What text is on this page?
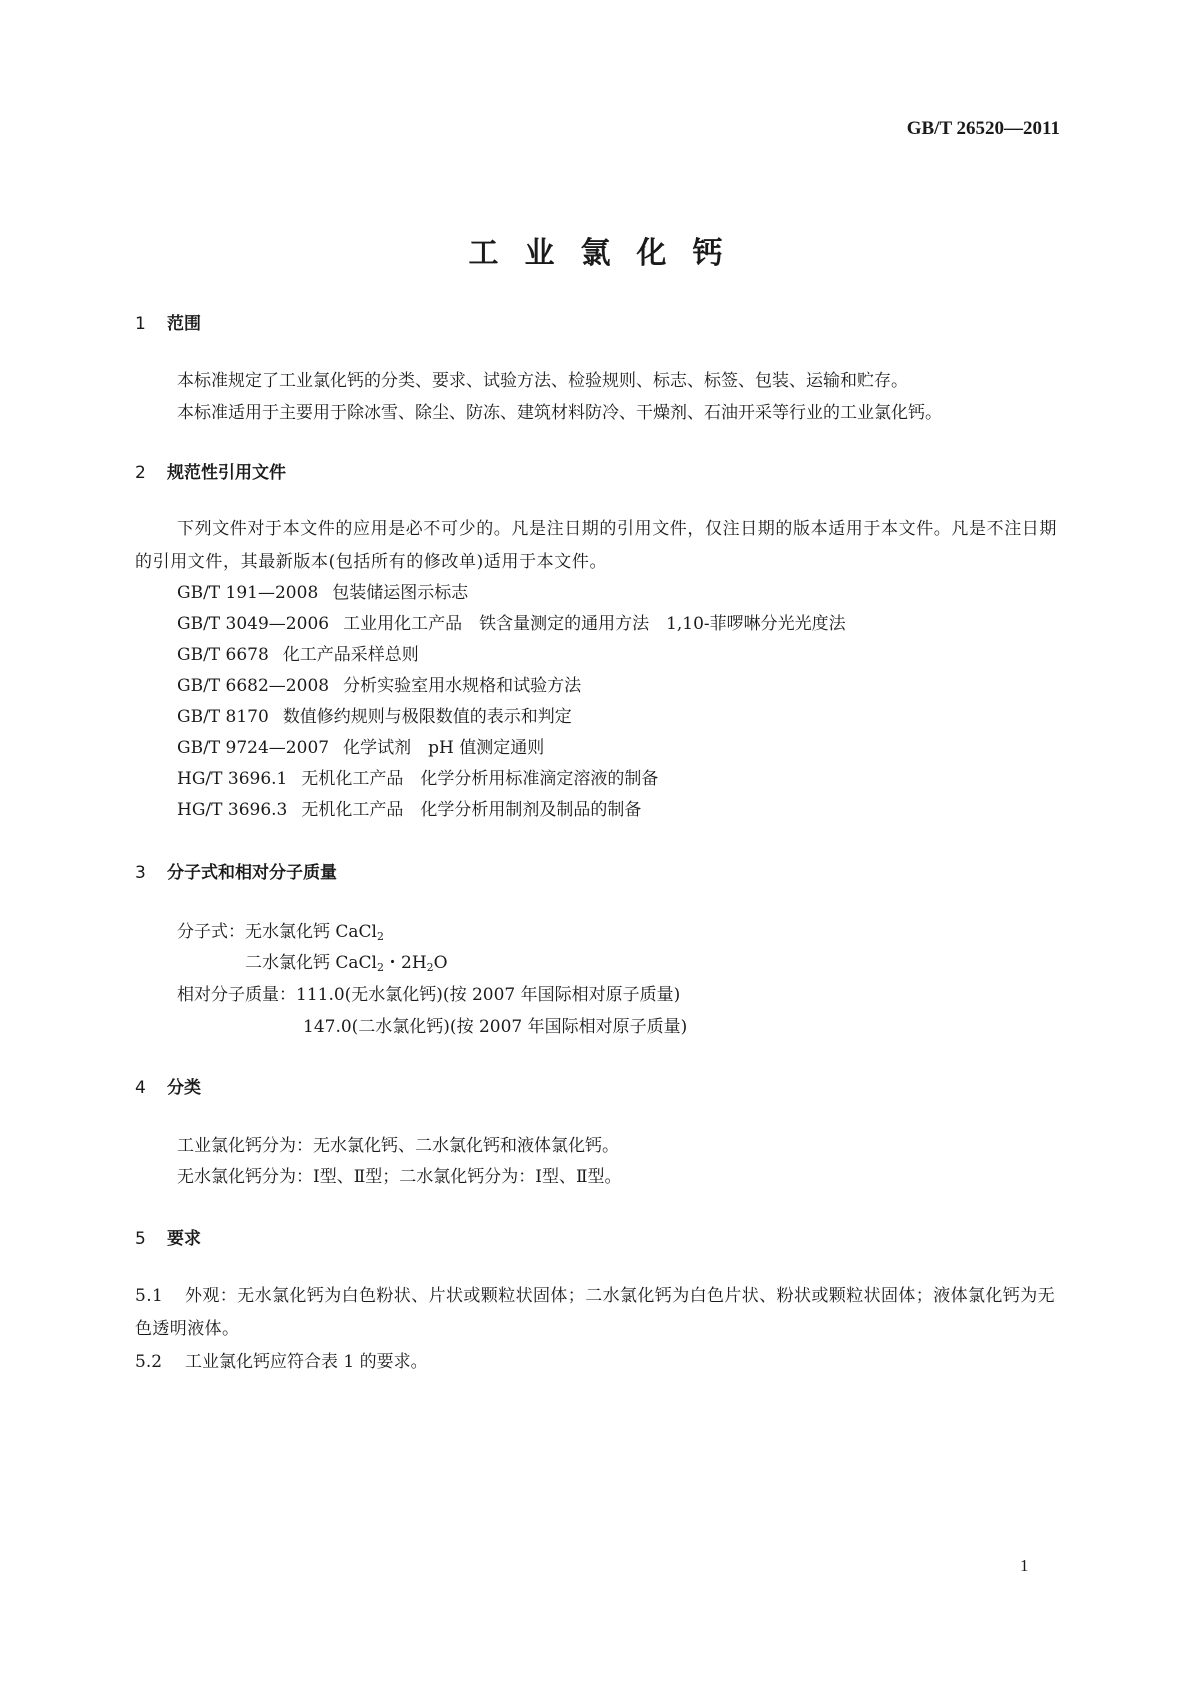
GB/T 26520—2011
工业氯化钙
1 范围
本标准规定了工业氯化钙的分类、要求、试验方法、检验规则、标志、标签、包装、运输和贮存。
本标准适用于主要用于除冰雪、除尘、防冻、建筑材料防冷、干燥剂、石油开采等行业的工业氯化钙。
2 规范性引用文件
下列文件对于本文件的应用是必不可少的。凡是注日期的引用文件，仅注日期的版本适用于本文件。凡是不注日期的引用文件，其最新版本(包括所有的修改单)适用于本文件。
GB/T 191—2008 包装储运图示标志
GB/T 3049—2006 工业用化工产品　铁含量测定的通用方法　1,10-菲啰啉分光光度法
GB/T 6678 化工产品采样总则
GB/T 6682—2008 分析实验室用水规格和试验方法
GB/T 8170 数值修约规则与极限数值的表示和判定
GB/T 9724—2007 化学试剂　pH 值测定通则
HG/T 3696.1 无机化工产品　化学分析用标准滴定溶液的制备
HG/T 3696.3 无机化工产品　化学分析用制剂及制品的制备
3 分子式和相对分子质量
分子式：无水氯化钙 CaCl$_2$
二水氯化钙 CaCl$_2$・$2H_2O$
相对分子质量：111.0(无水氯化钙)(按 2007 年国际相对原子质量)
147.0(二水氯化钙)(按 2007 年国际相对原子质量)
4 分类
工业氯化钙分为：无水氯化钙、二水氯化钙和液体氯化钙。
无水氯化钙分为：Ⅰ型、Ⅱ型；二水氯化钙分为：Ⅰ型、Ⅱ型。
5 要求
5.1 外观：无水氯化钙为白色粉状、片状或颗粒状固体；二水氯化钙为白色片状、粉状或颗粒状固体；液体氯化钙为无色透明液体。
5.2 工业氯化钙应符合表 1 的要求。
1
